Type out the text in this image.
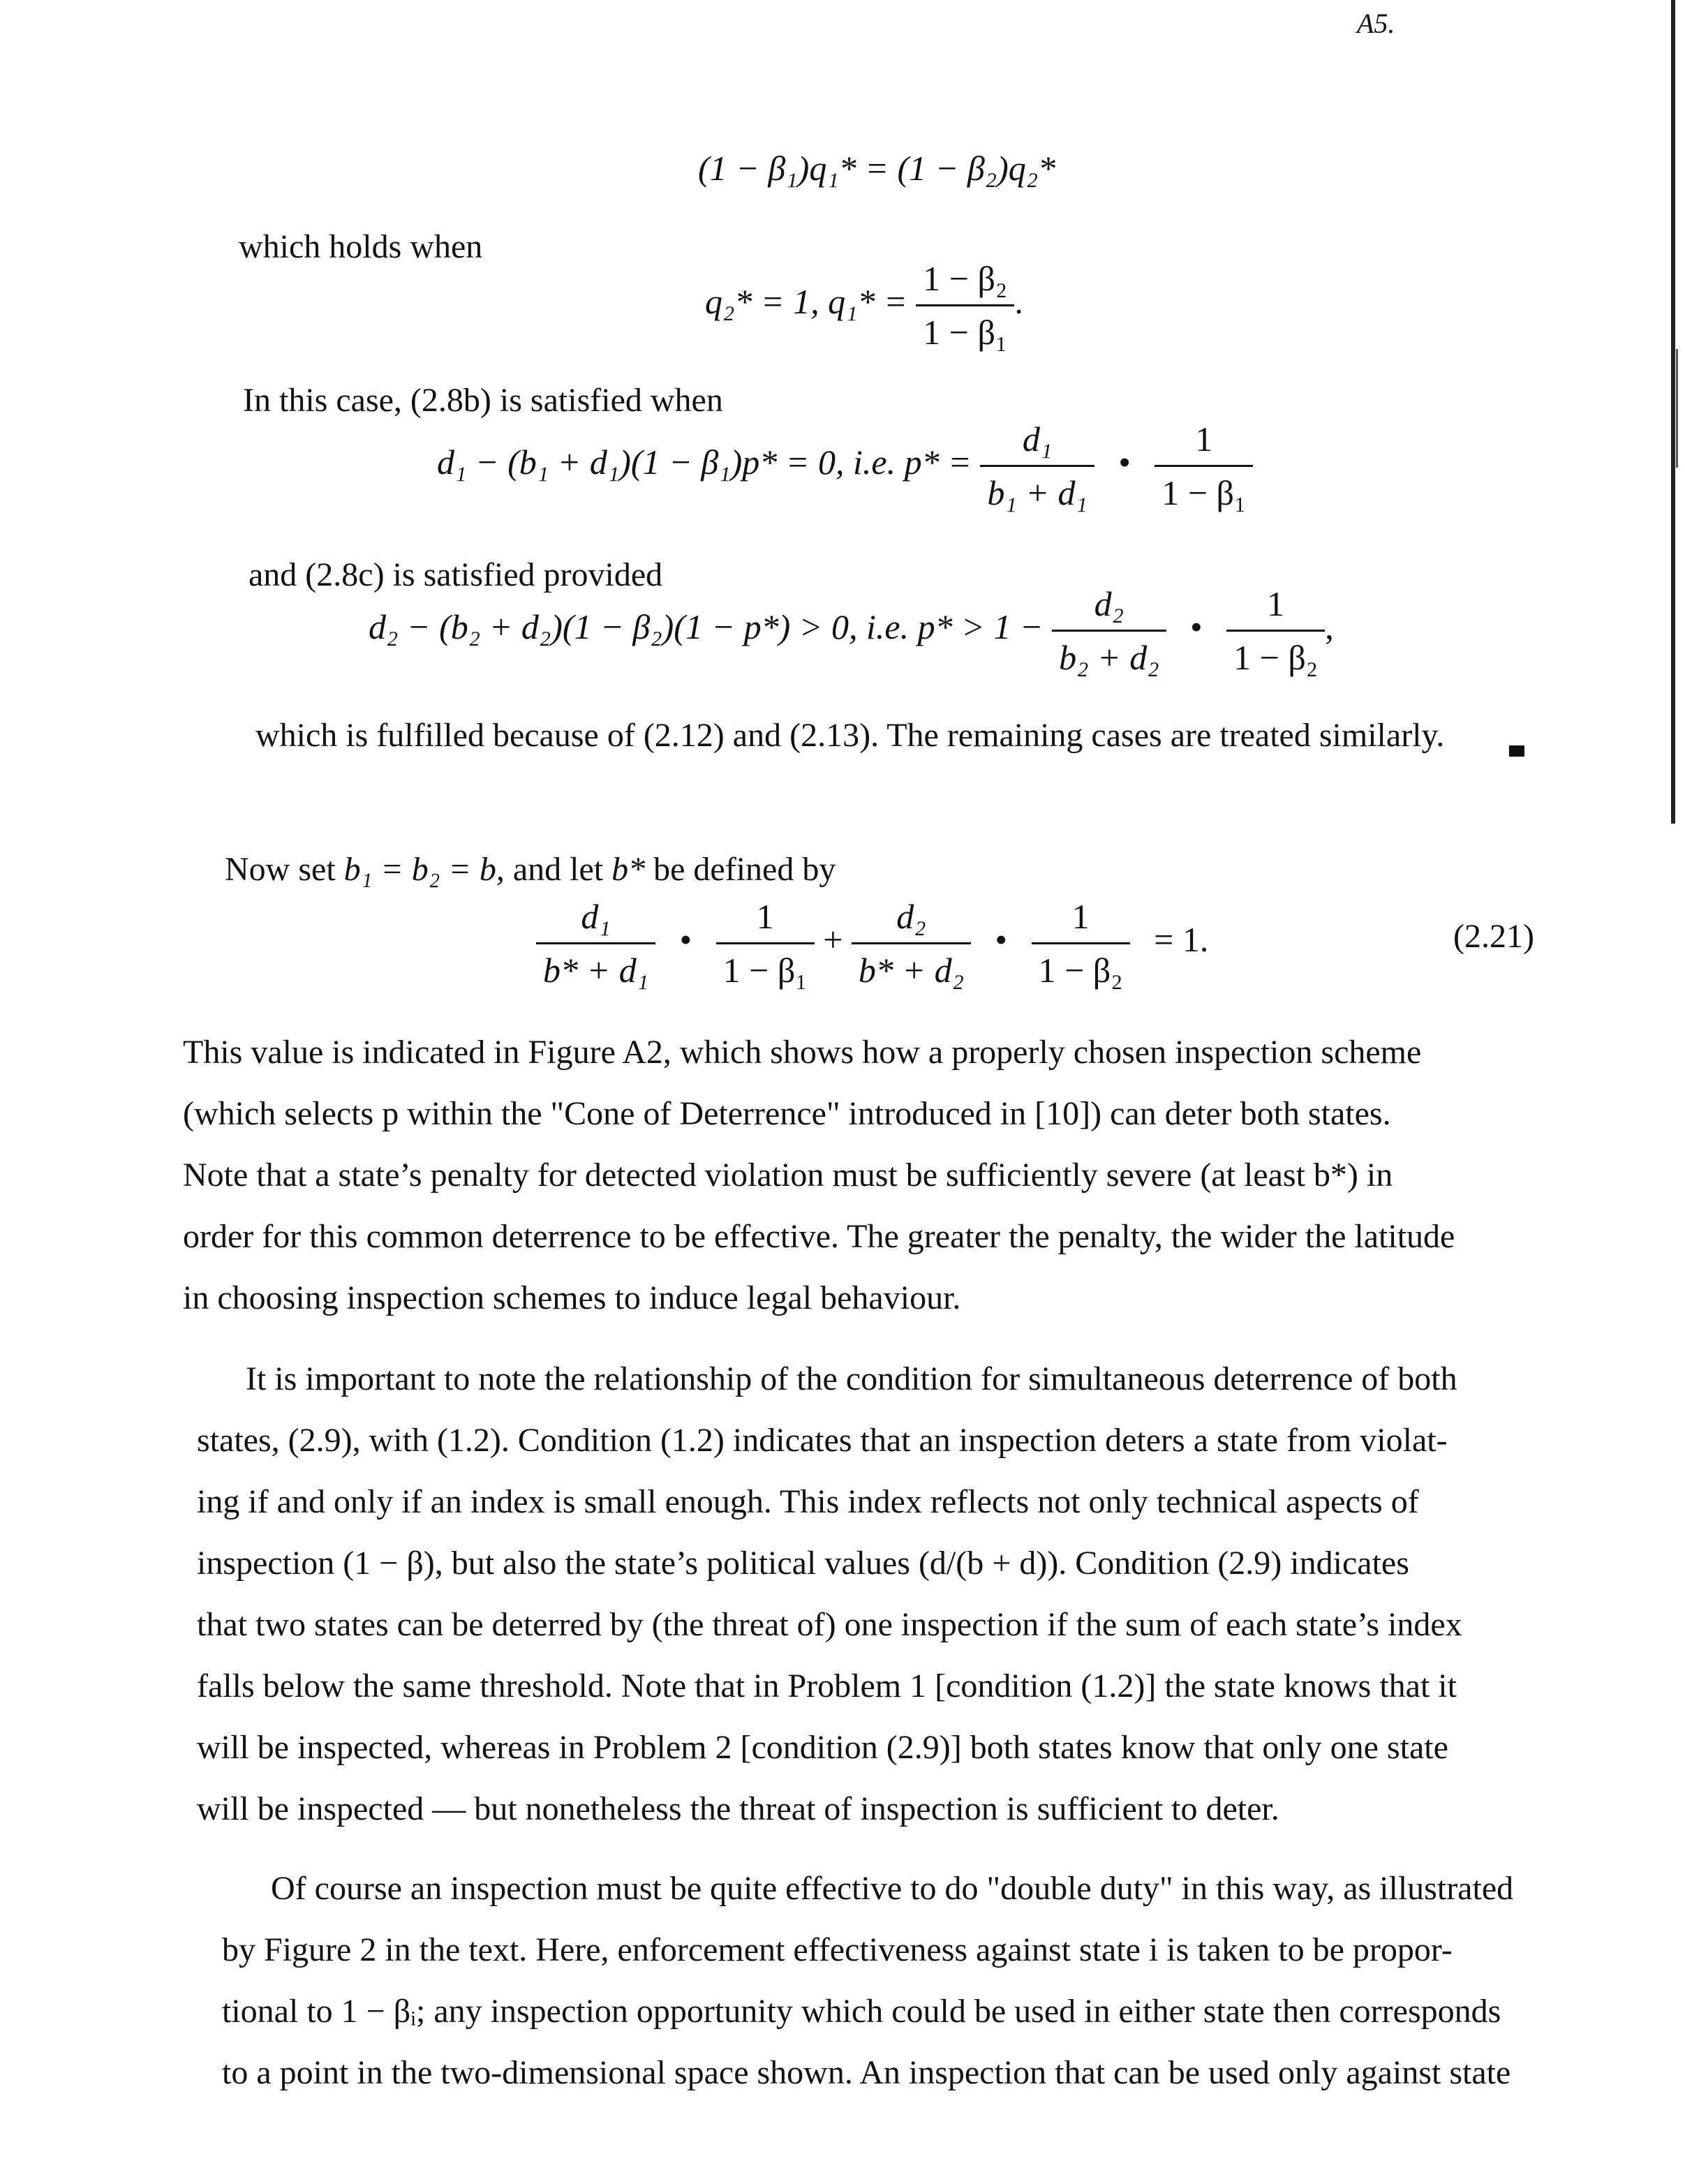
A5.
(1 − β₁)q₁* = (1 − β₂)q₂*
which holds when
q₂* = 1, $q_1* = \frac{\text{1 − β₂}}{\text{1 − β₁}}$ .
In this case, (2.8b) is satisfied when
d₁ − (b₁ + d₁)(1 − β₁)p* = 0, i.e. $p* = \frac{\text{d₁}}{\text{b₁ + d₁}}$ • $\frac{1}{\text{1 − β₁}}$
and (2.8c) is satisfied provided
d₂ − (b₂ + d₂)(1 − β₂)(1 − p*) > 0, i.e. $p* > 1 - \frac{\text{d₂}}{\text{b₂ + d₂}}$ • $\frac{1}{\text{1 − β₂}}$ ,
which is fulfilled because of (2.12) and (2.13). The remaining cases are treated similarly.
Now set b₁ = b₂ = b, and let b* be defined by
$\frac{\text{d₁}}{\text{b* + d₁}}$ • $\frac{1}{\text{1 − β₁}} + \frac{\text{d₂}}{\text{b* + d₂}}$ • $\frac{1}{\text{1 − β₂}} = 1$.	(2.21)
This value is indicated in Figure A2, which shows how a properly chosen inspection scheme
(which selects p within the "Cone of Deterrence" introduced in [10]) can deter both states.
Note that a state’s penalty for detected violation must be sufficiently severe (at least b*) in
order for this common deterrence to be effective. The greater the penalty, the wider the latitude
in choosing inspection schemes to induce legal behaviour.
It is important to note the relationship of the condition for simultaneous deterrence of both
states, (2.9), with (1.2). Condition (1.2) indicates that an inspection deters a state from violat-
ing if and only if an index is small enough. This index reflects not only technical aspects of
inspection (1 − β), but also the state’s political values (d/(b + d)). Condition (2.9) indicates
that two states can be deterred by (the threat of) one inspection if the sum of each state’s index
falls below the same threshold. Note that in Problem 1 [condition (1.2)] the state knows that it
will be inspected, whereas in Problem 2 [condition (2.9)] both states know that only one state
will be inspected — but nonetheless the threat of inspection is sufficient to deter.
Of course an inspection must be quite effective to do "double duty" in this way, as illustrated
by Figure 2 in the text. Here, enforcement effectiveness against state i is taken to be propor-
tional to 1 − βᵢ; any inspection opportunity which could be used in either state then corresponds
to a point in the two-dimensional space shown. An inspection that can be used only against state
